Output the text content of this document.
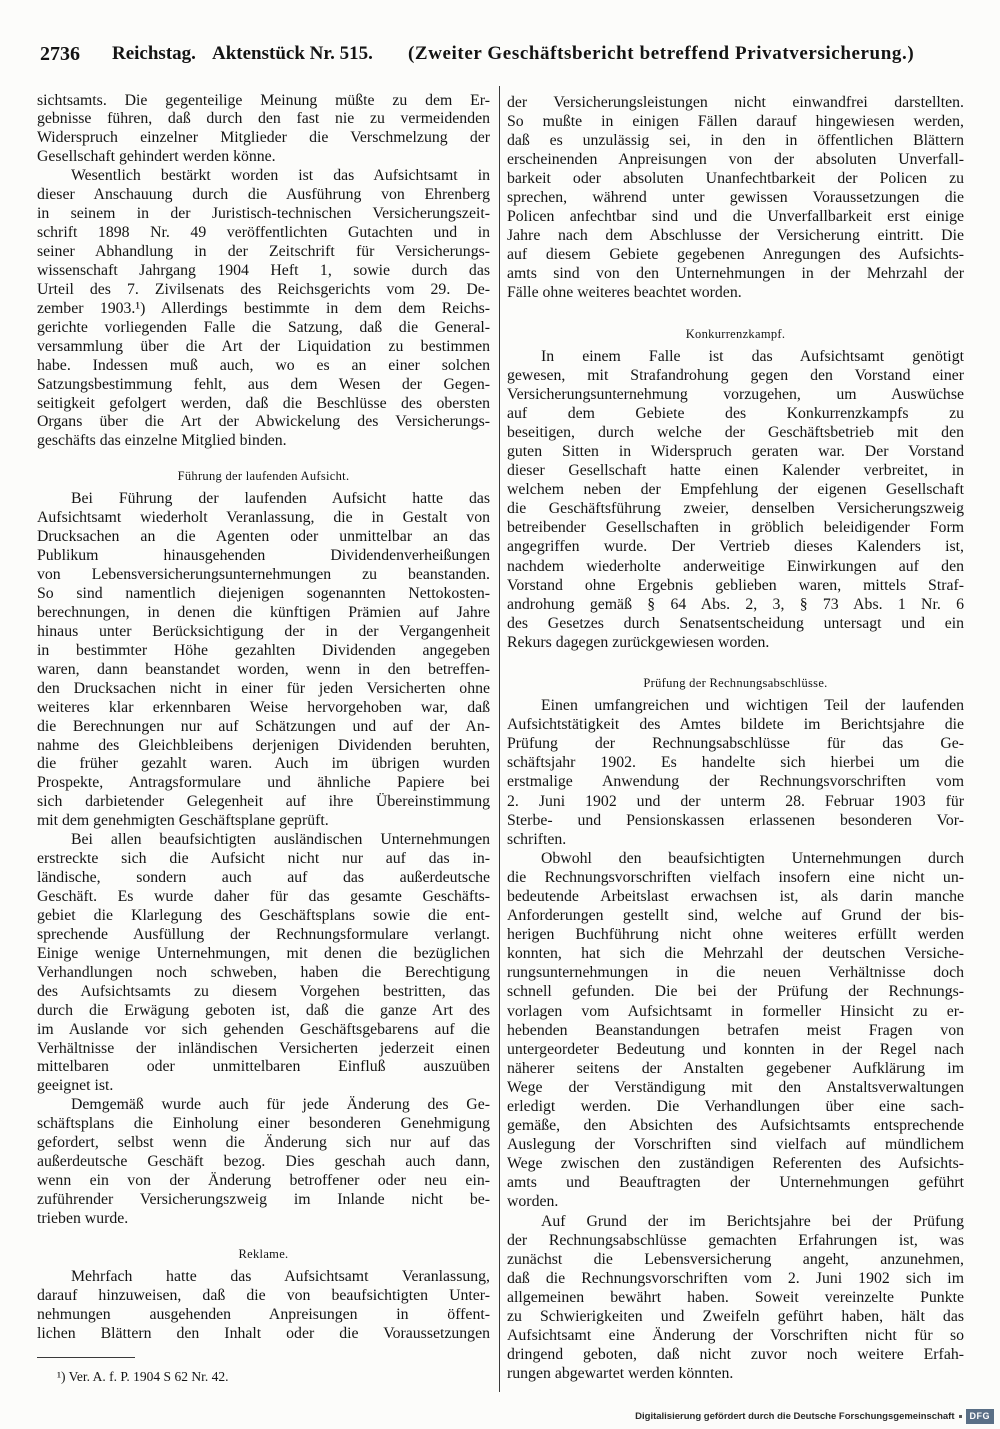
2736 Reichstag. Aktenstück Nr. 515. (Zweiter Geschäftsbericht betreffend Privatversicherung.)
sichtsamts. Die gegenteilige Meinung müßte zu dem Er-
gebnisse führen, daß durch den fast nie zu vermeidenden
Widerspruch einzelner Mitglieder die Verschmelzung der
Gesellschaft gehindert werden könne.
Wesentlich bestärkt worden ist das Aufsichtsamt in
dieser Anschauung durch die Ausführung von Ehrenberg
in seinem in der Juristisch-technischen Versicherungszeit-
schrift 1898 Nr. 49 veröffentlichten Gutachten und in
seiner Abhandlung in der Zeitschrift für Versicherungs-
wissenschaft Jahrgang 1904 Heft 1, sowie durch das
Urteil des 7. Zivilsenats des Reichsgerichts vom 29. De-
zember 1903.¹) Allerdings bestimmte in dem dem Reichs-
gerichte vorliegenden Falle die Satzung, daß die General-
versammlung über die Art der Liquidation zu bestimmen
habe. Indessen muß auch, wo es an einer solchen
Satzungsbestimmung fehlt, aus dem Wesen der Gegen-
seitigkeit gefolgert werden, daß die Beschlüsse des obersten
Organs über die Art der Abwickelung des Versicherungs-
geschäfts das einzelne Mitglied binden.
Führung der laufenden Aufsicht.
Bei Führung der laufenden Aufsicht hatte das
Aufsichtsamt wiederholt Veranlassung, die in Gestalt von
Drucksachen an die Agenten oder unmittelbar an das
Publikum hinausgehenden Dividendenverheißungen
von Lebensversicherungsunternehmungen zu beanstanden.
So sind namentlich diejenigen sogenannten Nettokosten-
berechnungen, in denen die künftigen Prämien auf Jahre
hinaus unter Berücksichtigung der in der Vergangenheit
in bestimmter Höhe gezahlten Dividenden angegeben
waren, dann beanstandet worden, wenn in den betreffen-
den Drucksachen nicht in einer für jeden Versicherten ohne
weiteres klar erkennbaren Weise hervorgehoben war, daß
die Berechnungen nur auf Schätzungen und auf der An-
nahme des Gleichbleibens derjenigen Dividenden beruhten,
die früher gezahlt waren. Auch im übrigen wurden
Prospekte, Antragsformulare und ähnliche Papiere bei
sich darbietender Gelegenheit auf ihre Übereinstimmung
mit dem genehmigten Geschäftsplane geprüft.
Bei allen beaufsichtigten ausländischen Unternehmungen
erstreckte sich die Aufsicht nicht nur auf das in-
ländische, sondern auch auf das außerdeutsche
Geschäft. Es wurde daher für das gesamte Geschäfts-
gebiet die Klarlegung des Geschäftsplans sowie die ent-
sprechende Ausfüllung der Rechnungsformulare verlangt.
Einige wenige Unternehmungen, mit denen die bezüglichen
Verhandlungen noch schweben, haben die Berechtigung
des Aufsichtsamts zu diesem Vorgehen bestritten, das
durch die Erwägung geboten ist, daß die ganze Art des
im Auslande vor sich gehenden Geschäftsgebarens auf die
Verhältnisse der inländischen Versicherten jederzeit einen
mittelbaren oder unmittelbaren Einfluß auszuüben
geeignet ist.
Demgemäß wurde auch für jede Änderung des Ge-
schäftsplans die Einholung einer besonderen Genehmigung
gefordert, selbst wenn die Änderung sich nur auf das
außerdeutsche Geschäft bezog. Dies geschah auch dann,
wenn ein von der Änderung betroffener oder neu ein-
zuführender Versicherungszweig im Inlande nicht be-
trieben wurde.
Reklame.
Mehrfach hatte das Aufsichtsamt Veranlassung,
darauf hinzuweisen, daß die von beaufsichtigten Unter-
nehmungen ausgehenden Anpreisungen in öffent-
lichen Blättern den Inhalt oder die Voraussetzungen
der Versicherungsleistungen nicht einwandfrei darstellten.
So mußte in einigen Fällen darauf hingewiesen werden,
daß es unzulässig sei, in den in öffentlichen Blättern
erscheinenden Anpreisungen von der absoluten Unverfall-
barkeit oder absoluten Unanfechtbarkeit der Policen zu
sprechen, während unter gewissen Voraussetzungen die
Policen anfechtbar sind und die Unverfallbarkeit erst einige
Jahre nach dem Abschlusse der Versicherung eintritt. Die
auf diesem Gebiete gegebenen Anregungen des Aufsichts-
amts sind von den Unternehmungen in der Mehrzahl der
Fälle ohne weiteres beachtet worden.
Konkurrenzkampf.
In einem Falle ist das Aufsichtsamt genötigt
gewesen, mit Strafandrohung gegen den Vorstand einer
Versicherungsunternehmung vorzugehen, um Auswüchse
auf dem Gebiete des Konkurrenzkampfs zu
beseitigen, durch welche der Geschäftsbetrieb mit den
guten Sitten in Widerspruch geraten war. Der Vorstand
dieser Gesellschaft hatte einen Kalender verbreitet, in
welchem neben der Empfehlung der eigenen Gesellschaft
die Geschäftsführung zweier, denselben Versicherungszweig
betreibender Gesellschaften in gröblich beleidigender Form
angegriffen wurde. Der Vertrieb dieses Kalenders ist,
nachdem wiederholte anderweitige Einwirkungen auf den
Vorstand ohne Ergebnis geblieben waren, mittels Straf-
androhung gemäß § 64 Abs. 2, 3, § 73 Abs. 1 Nr. 6
des Gesetzes durch Senatsentscheidung untersagt und ein
Rekurs dagegen zurückgewiesen worden.
Prüfung der Rechnungsabschlüsse.
Einen umfangreichen und wichtigen Teil der laufenden
Aufsichtstätigkeit des Amtes bildete im Berichtsjahre die
Prüfung der Rechnungsabschlüsse für das Ge-
schäftsjahr 1902. Es handelte sich hierbei um die
erstmalige Anwendung der Rechnungsvorschriften vom
2. Juni 1902 und der unterm 28. Februar 1903 für
Sterbe- und Pensionskassen erlassenen besonderen Vor-
schriften.
Obwohl den beaufsichtigten Unternehmungen durch
die Rechnungsvorschriften vielfach insofern eine nicht un-
bedeutende Arbeitslast erwachsen ist, als darin manche
Anforderungen gestellt sind, welche auf Grund der bis-
herigen Buchführung nicht ohne weiteres erfüllt werden
konnten, hat sich die Mehrzahl der deutschen Versiche-
rungsunternehmungen in die neuen Verhältnisse doch
schnell gefunden. Die bei der Prüfung der Rechnungs-
vorlagen vom Aufsichtsamt in formeller Hinsicht zu er-
hebenden Beanstandungen betrafen meist Fragen von
untergeordeter Bedeutung und konnten in der Regel nach
näherer seitens der Anstalten gegebener Aufklärung im
Wege der Verständigung mit den Anstaltsverwaltungen
erledigt werden. Die Verhandlungen über eine sach-
gemäße, den Absichten des Aufsichtsamts entsprechende
Auslegung der Vorschriften sind vielfach auf mündlichem
Wege zwischen den zuständigen Referenten des Aufsichts-
amts und Beauftragten der Unternehmungen geführt
worden.
Auf Grund der im Berichtsjahre bei der Prüfung
der Rechnungsabschlüsse gemachten Erfahrungen ist, was
zunächst die Lebensversicherung angeht, anzunehmen,
daß die Rechnungsvorschriften vom 2. Juni 1902 sich im
allgemeinen bewährt haben. Soweit vereinzelte Punkte
zu Schwierigkeiten und Zweifeln geführt haben, hält das
Aufsichtsamt eine Änderung der Vorschriften nicht für so
dringend geboten, daß nicht zuvor noch weitere Erfah-
rungen abgewartet werden könnten.
¹) Ver. A. f. P. 1904 S 62 Nr. 42.
Digitalisierung gefördert durch die Deutsche Forschungsgemeinschaft	DFG
